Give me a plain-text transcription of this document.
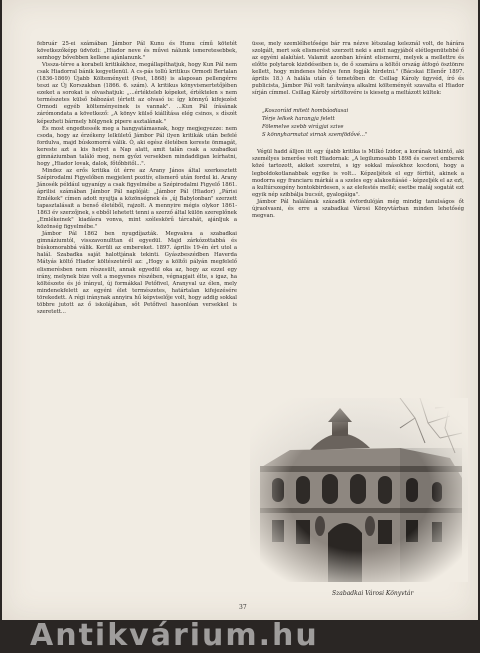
február 25-ei számában Jámbor Pál Kunu és Hunu című kötetét következőképp üdvözli: „Hiador neve és művei nálunk ismeretesebbek, semhogy bővebben kellene ajánlanunk."

Vissza-térve a korabeli kritikákhoz, megállapíthatjuk, hogy Kun Pál nem csak Hiadorral bánik kegyetlenül. A cs-pás tollú kritikus Ormodi Bertalan (1836-1869) Újabb Költeményeit (Pest, 1868) is alaposan pellengérre teszi az Új Korszakban (1866. 6. szám). A kritikus könyvismertetőjében ezeket a sorokat is olvashatjuk: „...értékteleb képeket, értéktelen s nem természetes külső bábozást (értett az olvasó is: így könnyű kifejezést Ormodi egyéb költeményeinek is vannak". ...Kun Pál írásának zárómondata a következő: „A könyv külső kiállítása elég csinos, s díszét képezheti bármely hölgynek pipere asztalának."

És most engedtessék meg a hangyatámasnak, hogy megjegyezze: nem csoda, hogy az érzékeny lelkületű Jámbor Pál ilyen kritikák után befelé fordulva, majd búskomorrá válik. Ó, aki egész életében kereste önmagát, kereste azt a kis helyet a Nap alatt, amit talán csak a szabadkai gimnáziumban találó meg, nem győzi versekben mindaddigan leírhatni, hogy „Hiador lovak, dalok, főtőbbitől...".

Mindez az erős kritika út érre az Arany János által szerkesztett Szépirodalmi Figyelőben megjelent pozitív, elismerő után fordul ki. Arany Jánosék például ugyanígy a csak figyelmébe a Szépirodalmi Figyelő 1861. áprilisi számában Jámbor Pál naplóját: „Jámbor Pál (Hiador) „Párisi Emlékek" címen adott nyujtja a közönségnek és „új Babylonban" szerzett tapasztalásait a benső életéből, rajzolt. A mennyire mégis olykor 1861-1863 év szerzőjnek, s ebből lehetett tenni a szerző által külön szereplőnek „Emlékeinek" kiadásra vonva, mint széleskörű tárcahát, ajánljuk a közönség figyelmébe."

Jámbor Pál 1862 ben nyugdíjazták. Megvakva a szabadkai gimnáziumtól, visszavonulttan él egyedül. Majd zárkózottabbá és búskomorabbá válik. Kerüli az embereket. 1897. április 19-én ért utol a halál. Szabadka saját halottjának tekinti. Gyászbeszédben Haverda Mátyás költő Hiador költészetéről az: „Hogy a költői pályán megfelelő elismerésben nem részesült, annak egyedül oka az, hogy az ezzel egy irány, melynek bize volt a megyenes részében, végnapjait élte, s igaz, ha költészete és jó irányul, új formákkal Petőfivel, Aranyval uz élen, mely mindenekfelett az egyéni élet természetes, határtalan kifejezésére törekedett. A régi iránynak annyira hű képviselője volt, hogy addig sokkal többre jutott az ő iskolájában, sőt Petőfivel hasonlóan versekkel is szeretett...

üsse, mely szemlélhetősége bár rra nézve létszalag keleznál volt, de hárára szolgált, mert sok elismerést szerzett neki s amit nagyjából elétlegenütebbé ő az egyéni alakítást. Valamit azonban kívánt elismerni, melyek a mellettre és előtte polytarok kizödéseiben is, de ő szamára a költői ország átfogó ösztönre kellett, hogy mindenes hőnlye fenn fogják hirdetni." (Bácskai Ellenőr 1897. április 18.) A halála után ő temetőben dr. Csillag Károly ügyvéd, író és publicista, Jámbor Pál volt tanítványa alkalmi költeményét szavalta el Hiador sírján címmel. Csillag Károly sírtöltovére is kiesetg a meltázott kültek:

„Koszorúid mitett hombáodiasai
Térje lelkek harangja felett
Fölemelve szebb virágjai szive
S könnyharmatat sirnak szemfödővé..."

Végül hadd álljon itt egy újabb kritika is Milkó Izidor, a korának tekintő, aki személyes ismerőse volt Hiadornak: „A legilumosabb 1898 és csevet emberek közé tartozott, akiket szeretni, s igy sokkal másokhoz kocdoni, hogy a legboldokotlanabbak egyike is volt... Képzeljétek el egy férfiút, akinek a modorra egy franciaru márkái a a szeles egy alakositásáé - képzeljék el az ezt, a kultúrszegény hontokbirdesen, s az elefestés mellé; esetbe maláj sogatát ezt egyik nép szibbálja bucsút, gyalogáiga".

Jámbor Pál halálának századik évfordulóján még mindig tanulságos őt újraolvasni, és erre a szabadkai Városi Könyvtárban minden lehetőség megvan.

Szabadkai Városi Könyvtár
37
Antikvárium.hu
